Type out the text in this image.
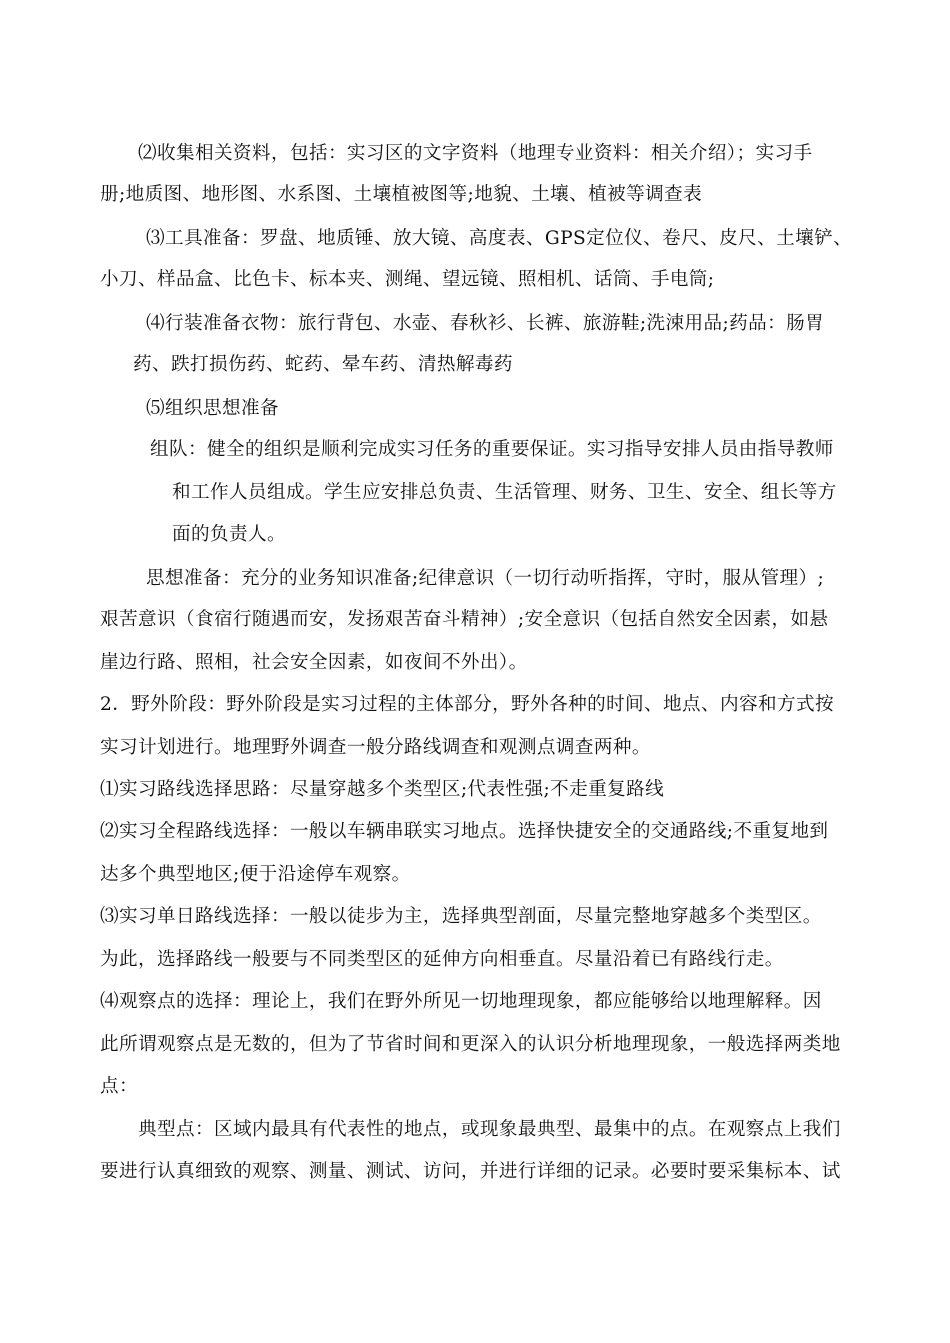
⑵收集相关资料，包括：实习区的文字资料（地理专业资料：相关介绍）；实习手
册;地质图、地形图、水系图、土壤植被图等;地貌、土壤、植被等调查表
⑶工具准备：罗盘、地质锤、放大镜、高度表、GPS定位仪、卷尺、皮尺、土壤铲、
小刀、样品盒、比色卡、标本夹、测绳、望远镜、照相机、话筒、手电筒;
⑷行装准备衣物：旅行背包、水壶、春秋衫、长裤、旅游鞋;洗涑用品;药品：肠胃
药、跌打损伤药、蛇药、晕车药、清热解毒药
⑸组织思想准备
组队：健全的组织是顺利完成实习任务的重要保证。实习指导安排人员由指导教师
和工作人员组成。学生应安排总负责、生活管理、财务、卫生、安全、组长等方
面的负责人。
思想准备：充分的业务知识准备;纪律意识（一切行动听指挥，守时，服从管理）;
艰苦意识（食宿行随遇而安，发扬艰苦奋斗精神）;安全意识（包括自然安全因素，如悬
崖边行路、照相，社会安全因素，如夜间不外出）。
2．野外阶段：野外阶段是实习过程的主体部分，野外各种的时间、地点、内容和方式按
实习计划进行。地理野外调查一般分路线调查和观测点调查两种。
⑴实习路线选择思路：尽量穿越多个类型区;代表性强;不走重复路线
⑵实习全程路线选择：一般以车辆串联实习地点。选择快捷安全的交通路线;不重复地到
达多个典型地区;便于沿途停车观察。
⑶实习单日路线选择：一般以徒步为主，选择典型剖面，尽量完整地穿越多个类型区。
为此，选择路线一般要与不同类型区的延伸方向相垂直。尽量沿着已有路线行走。
⑷观察点的选择：理论上，我们在野外所见一切地理现象，都应能够给以地理解释。因
此所谓观察点是无数的，但为了节省时间和更深入的认识分析地理现象，一般选择两类地
点：
典型点：区域内最具有代表性的地点，或现象最典型、最集中的点。在观察点上我们
要进行认真细致的观察、测量、测试、访问，并进行详细的记录。必要时要采集标本、试
